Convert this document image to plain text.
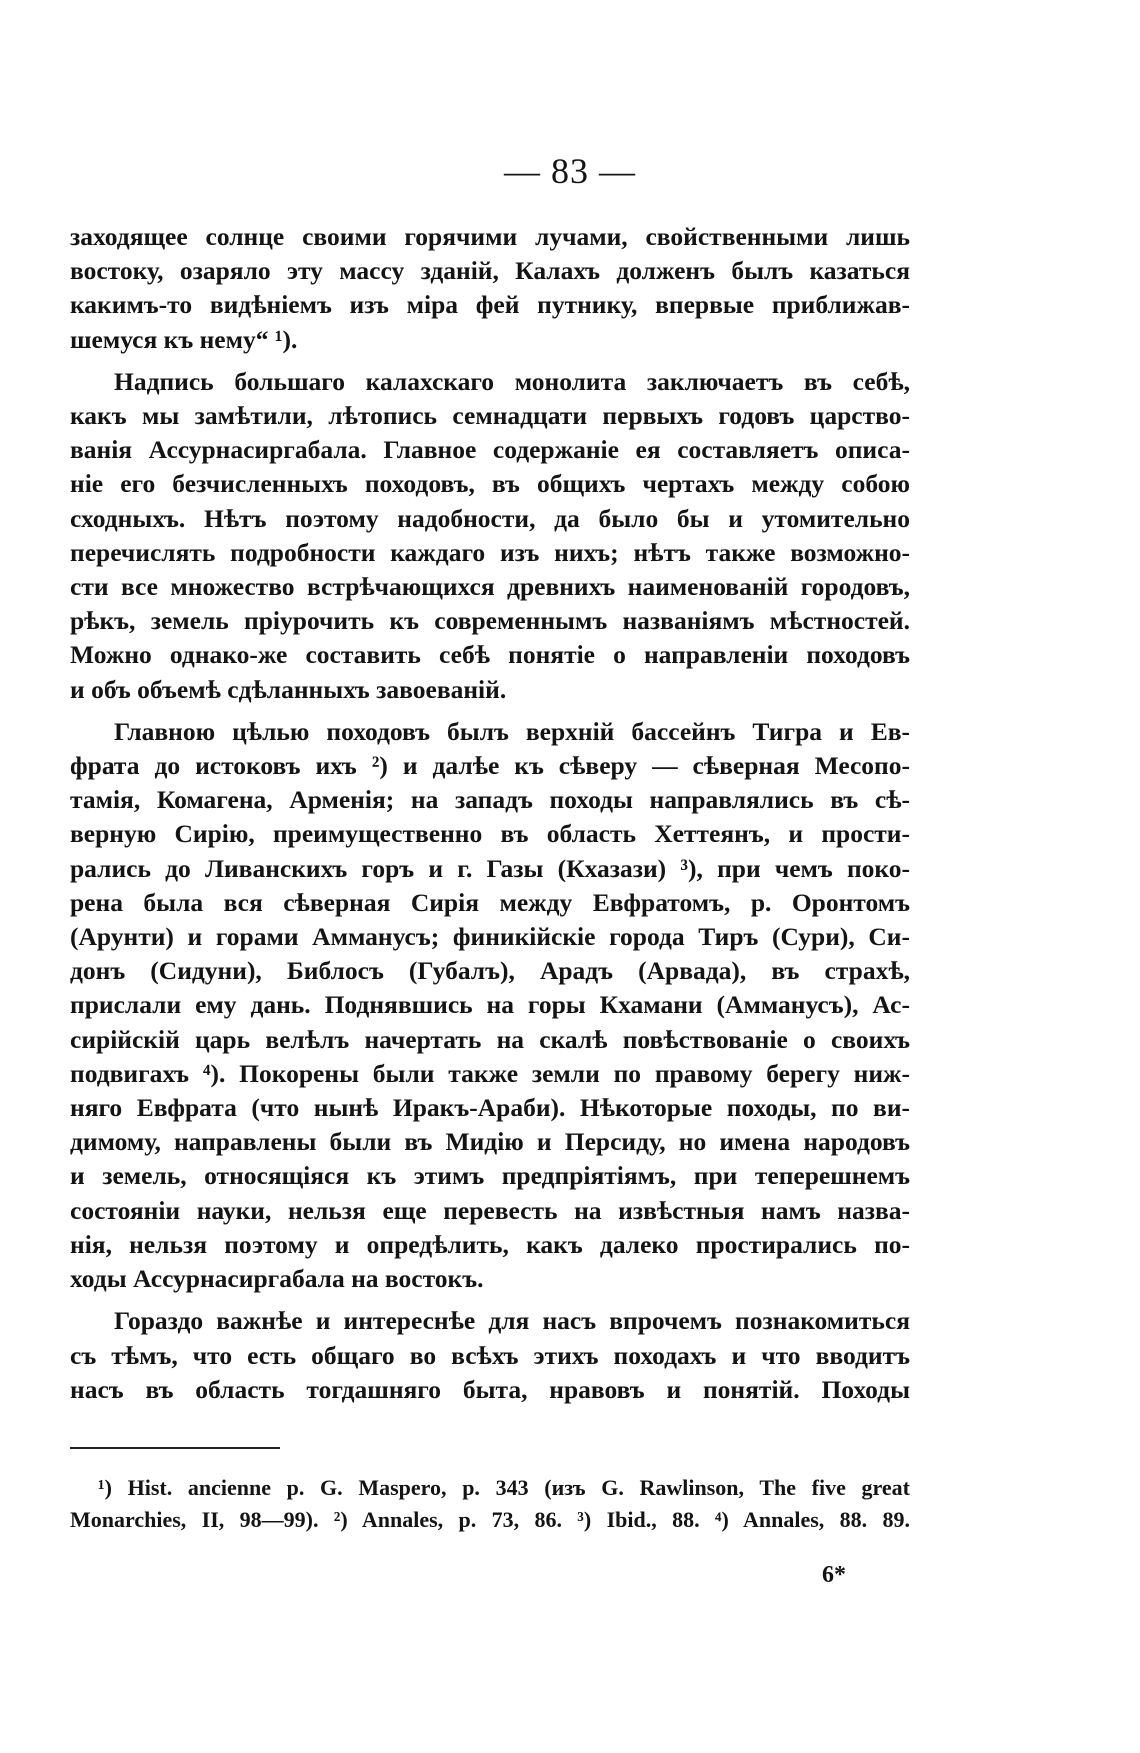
— 83 —
заходящее солнце своими горячими лучами, свойственными лишь
востоку, озаряло эту массу зданій, Калахъ долженъ былъ казаться
какимъ-то видѣніемъ изъ міра фей путнику, впервые приближав-
шемуся къ нему“ ¹).
Надпись большаго калахскаго монолита заключаетъ въ себѣ,
какъ мы замѣтили, лѣтопись семнадцати первыхъ годовъ царство-
ванія Ассурнасиргабала. Главное содержаніе ея составляетъ описа-
ніе его безчисленныхъ походовъ, въ общихъ чертахъ между собою
сходныхъ. Нѣтъ поэтому надобности, да было бы и утомительно
перечислять подробности каждаго изъ нихъ; нѣтъ также возможно-
сти все множество встрѣчающихся древнихъ наименованій городовъ,
рѣкъ, земель пріурочить къ современнымъ названіямъ мѣстностей.
Можно однако-же составить себѣ понятіе о направленіи походовъ
и объ объемѣ сдѣланныхъ завоеваній.
Главною цѣлью походовъ былъ верхній бассейнъ Тигра и Ев-
фрата до истоковъ ихъ ²) и далѣе къ сѣверу — сѣверная Месопо-
тамія, Комагена, Арменія; на западъ походы направлялись въ сѣ-
верную Сирію, преимущественно въ область Хеттеянъ, и прости-
рались до Ливанскихъ горъ и г. Газы (Кхазази) ³), при чемъ поко-
рена была вся сѣверная Сирія между Евфратомъ, р. Оронтомъ
(Арунти) и горами Амманусъ; финикійскіе города Тиръ (Сури), Си-
донъ (Сидуни), Библосъ (Губалъ), Арадъ (Арвада), въ страхѣ,
прислали ему дань. Поднявшись на горы Кхамани (Амманусъ), Ас-
сирійскій царь велѣлъ начертать на скалѣ повѣствованіе о своихъ
подвигахъ ⁴). Покорены были также земли по правому берегу ниж-
няго Евфрата (что нынѣ Иракъ-Араби). Нѣкоторые походы, по ви-
димому, направлены были въ Мидію и Персиду, но имена народовъ
и земель, относящіяся къ этимъ предпріятіямъ, при теперешнемъ
состояніи науки, нельзя еще перевесть на извѣстныя намъ назва-
нія, нельзя поэтому и опредѣлить, какъ далеко простирались по-
ходы Ассурнасиргабала на востокъ.
Гораздо важнѣе и интереснѣе для насъ впрочемъ познакомиться
съ тѣмъ, что есть общаго во всѣхъ этихъ походахъ и что вводитъ
насъ въ область тогдашняго быта, нравовъ и понятій. Походы
¹) Hist. ancienne p. G. Maspero, p. 343 (изъ G. Rawlinson, The five great
Monarchies, II, 98—99). ²) Annales, p. 73, 86. ³) Ibid., 88. ⁴) Annales, 88. 89.
6*
